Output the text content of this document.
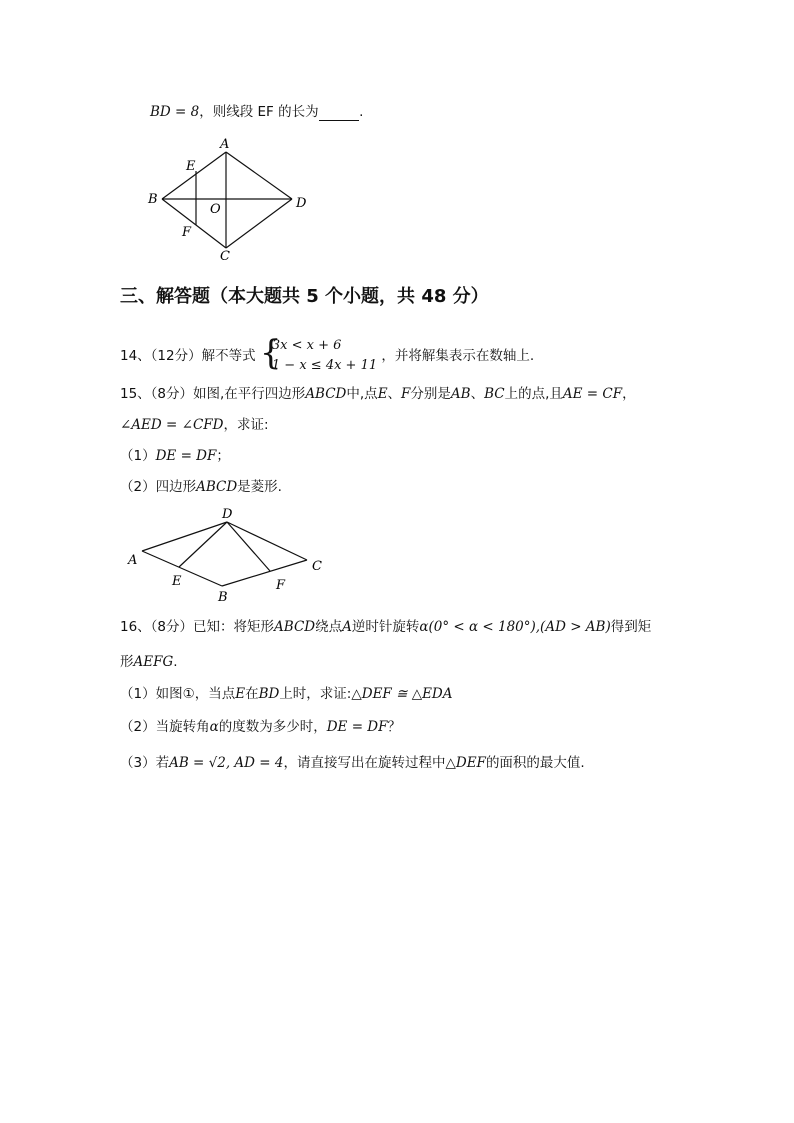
BD = 8，则线段 EF 的长为______.
A
B
C
D
E
F
O
三、解答题（本大题共 5 个小题，共 48 分）
14、（12分）解不等式 {
3x < x + 6
1 − x ≤ 4x + 11
，并将解集表示在数轴上.
15、（8分）如图,在平行四边形ABCD中,点E、F分别是AB、BC上的点,且AE = CF，
∠AED = ∠CFD，求证:
（1）DE = DF；
（2）四边形ABCD是菱形.
D
A
E
B
F
C
16、（8分）已知：将矩形ABCD绕点A逆时针旋转α(0° < α < 180°),(AD > AB)得到矩
形AEFG.
（1）如图①，当点E在BD上时，求证:△DEF ≅ △EDA
（2）当旋转角α的度数为多少时，DE = DF？
（3）若AB = √2, AD = 4，请直接写出在旋转过程中△DEF的面积的最大值.
